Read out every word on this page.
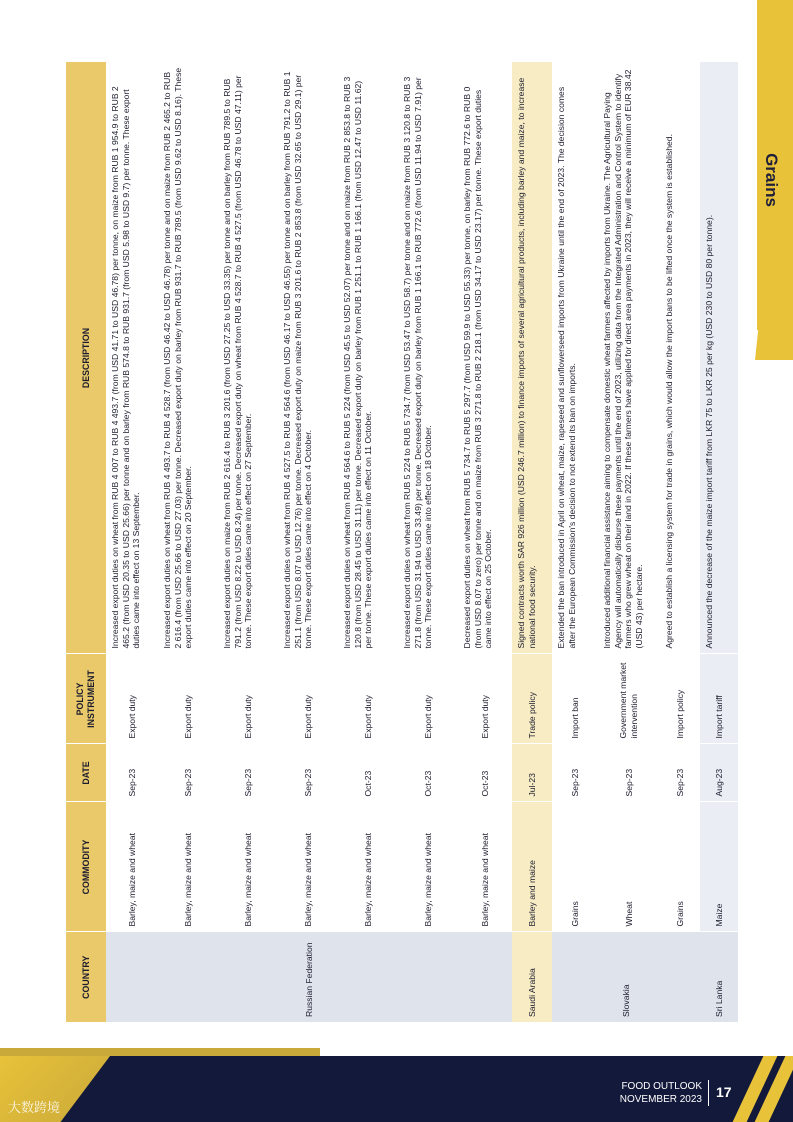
Grains
COUNTRY	COMMODITY	DATE	POLICY INSTRUMENT	DESCRIPTION
Russian Federation	Barley, maize and wheat	Sep-23	Export duty	Increased export duties on wheat from RUB 4 007 to RUB 4 493.7 (from USD 41.71 to USD 46.78) per tonne, on maize from RUB 1 954.9 to RUB 2 465.2 (from USD 20.35 to USD 25.66) per tonne and on barley from RUB 574.8 to RUB 931.7 (from USD 5.98 to USD 9.7) per tonne. These export duties came into effect on 13 September.
	Barley, maize and wheat	Sep-23	Export duty	Increased export duties on wheat from RUB 4 493.7 to RUB 4 528.7 (from USD 46.42 to USD 46.78) per tonne and on maize from RUB 2 465.2 to RUB 2 616.4 (from USD 25.66 to USD 27.03) per tonne. Decreased export duty on barley from RUB 931.7 to RUB 789.5 (from USD 9.62 to USD 8.16). These export duties came into effect on 20 September.
	Barley, maize and wheat	Sep-23	Export duty	Increased export duties on maize from RUB 2 616.4 to RUB 3 201.6 (from USD 27.25 to USD 33.35) per tonne and on barley from RUB 789.5 to RUB 791.2 (from USD 8.22 to USD 8.24) per tonne. Decreased export duty on wheat from RUB 4 528.7 to RUB 4 527.5 (from USD 46.78 to USD 47.11) per tonne. These export duties came into effect on 27 September.
	Barley, maize and wheat	Sep-23	Export duty	Increased export duties on wheat from RUB 4 527.5 to RUB 4 564.6 (from USD 46.17 to USD 46.55) per tonne and on barley from RUB 791.2 to RUB 1 251.1 (from USD 8.07 to USD 12.76) per tonne. Decreased export duty on maize from RUB 3 201.6 to RUB 2 853.8 (from USD 32.65 to USD 29.1) per tonne. These export duties came into effect on 4 October.
	Barley, maize and wheat	Oct-23	Export duty	Increased export duties on wheat from RUB 4 564.6 to RUB 5 224 (from USD 45.5 to USD 52.07) per tonne and on maize from RUB 2 853.8 to RUB 3 120.8 (from USD 28.45 to USD 31.11) per tonne. Decreased export duty on barley from RUB 1 251.1 to RUB 1 166.1 (from USD 12.47 to USD 11.62) per tonne. These export duties came into effect on 11 October.
	Barley, maize and wheat	Oct-23	Export duty	Increased export duties on wheat from RUB 5 224 to RUB 5 734.7 (from USD 53.47 to USD 58.7) per tonne and on maize from RUB 3 120.8 to RUB 3 271.8 (from USD 31.94 to USD 33.49) per tonne. Decreased export duty on barley from RUB 1 166.1 to RUB 772.6 (from USD 11.94 to USD 7.91) per tonne. These export duties came into effect on 18 October.
	Barley, maize and wheat	Oct-23	Export duty	Decreased export duties on wheat from RUB 5 734.7 to RUB 5 297.7 (from USD 59.9 to USD 55.33) per tonne, on barley from RUB 772.6 to RUB 0 (from USD 8.07 to zero) per tonne and on maize from RUB 3 271.8 to RUB 2 218.1 (from USD 34.17 to USD 23.17) per tonne. These export duties came into effect on 25 October.
Saudi Arabia	Barley and maize	Jul-23	Trade policy	Signed contracts worth SAR 926 million (USD 246.7 million) to finance imports of several agricultural products, including barley and maize, to increase national food security.
Slovakia	Grains	Sep-23	Import ban	Extended the ban introduced in April on wheat, maize, rapeseed and sunflowerseed imports from Ukraine until the end of 2023. The decision comes after the European Commission's decision to not extend its ban on imports.
	Wheat	Sep-23	Government market intervention	Introduced additional financial assistance aiming to compensate domestic wheat farmers affected by imports from Ukraine. The Agricultural Paying Agency will automatically disburse these payments until the end of 2023, utilizing data from the Integrated Administration and Control System to identify farmers who grew wheat on their land in 2022. If these farmers have applied for direct area payments in 2023, they will receive a minimum of EUR 38.42 (USD 43) per hectare.
	Grains	Sep-23	Import policy	Agreed to establish a licensing system for trade in grains, which would allow the import bans to be lifted once the system is established.
Sri Lanka	Maize	Aug-23	Import tariff	Announced the decrease of the maize import tariff from LKR 75 to LKR 25 per kg (USD 230 to USD 80 per tonne).
FOOD OUTLOOK
NOVEMBER 2023 17
大数跨境
